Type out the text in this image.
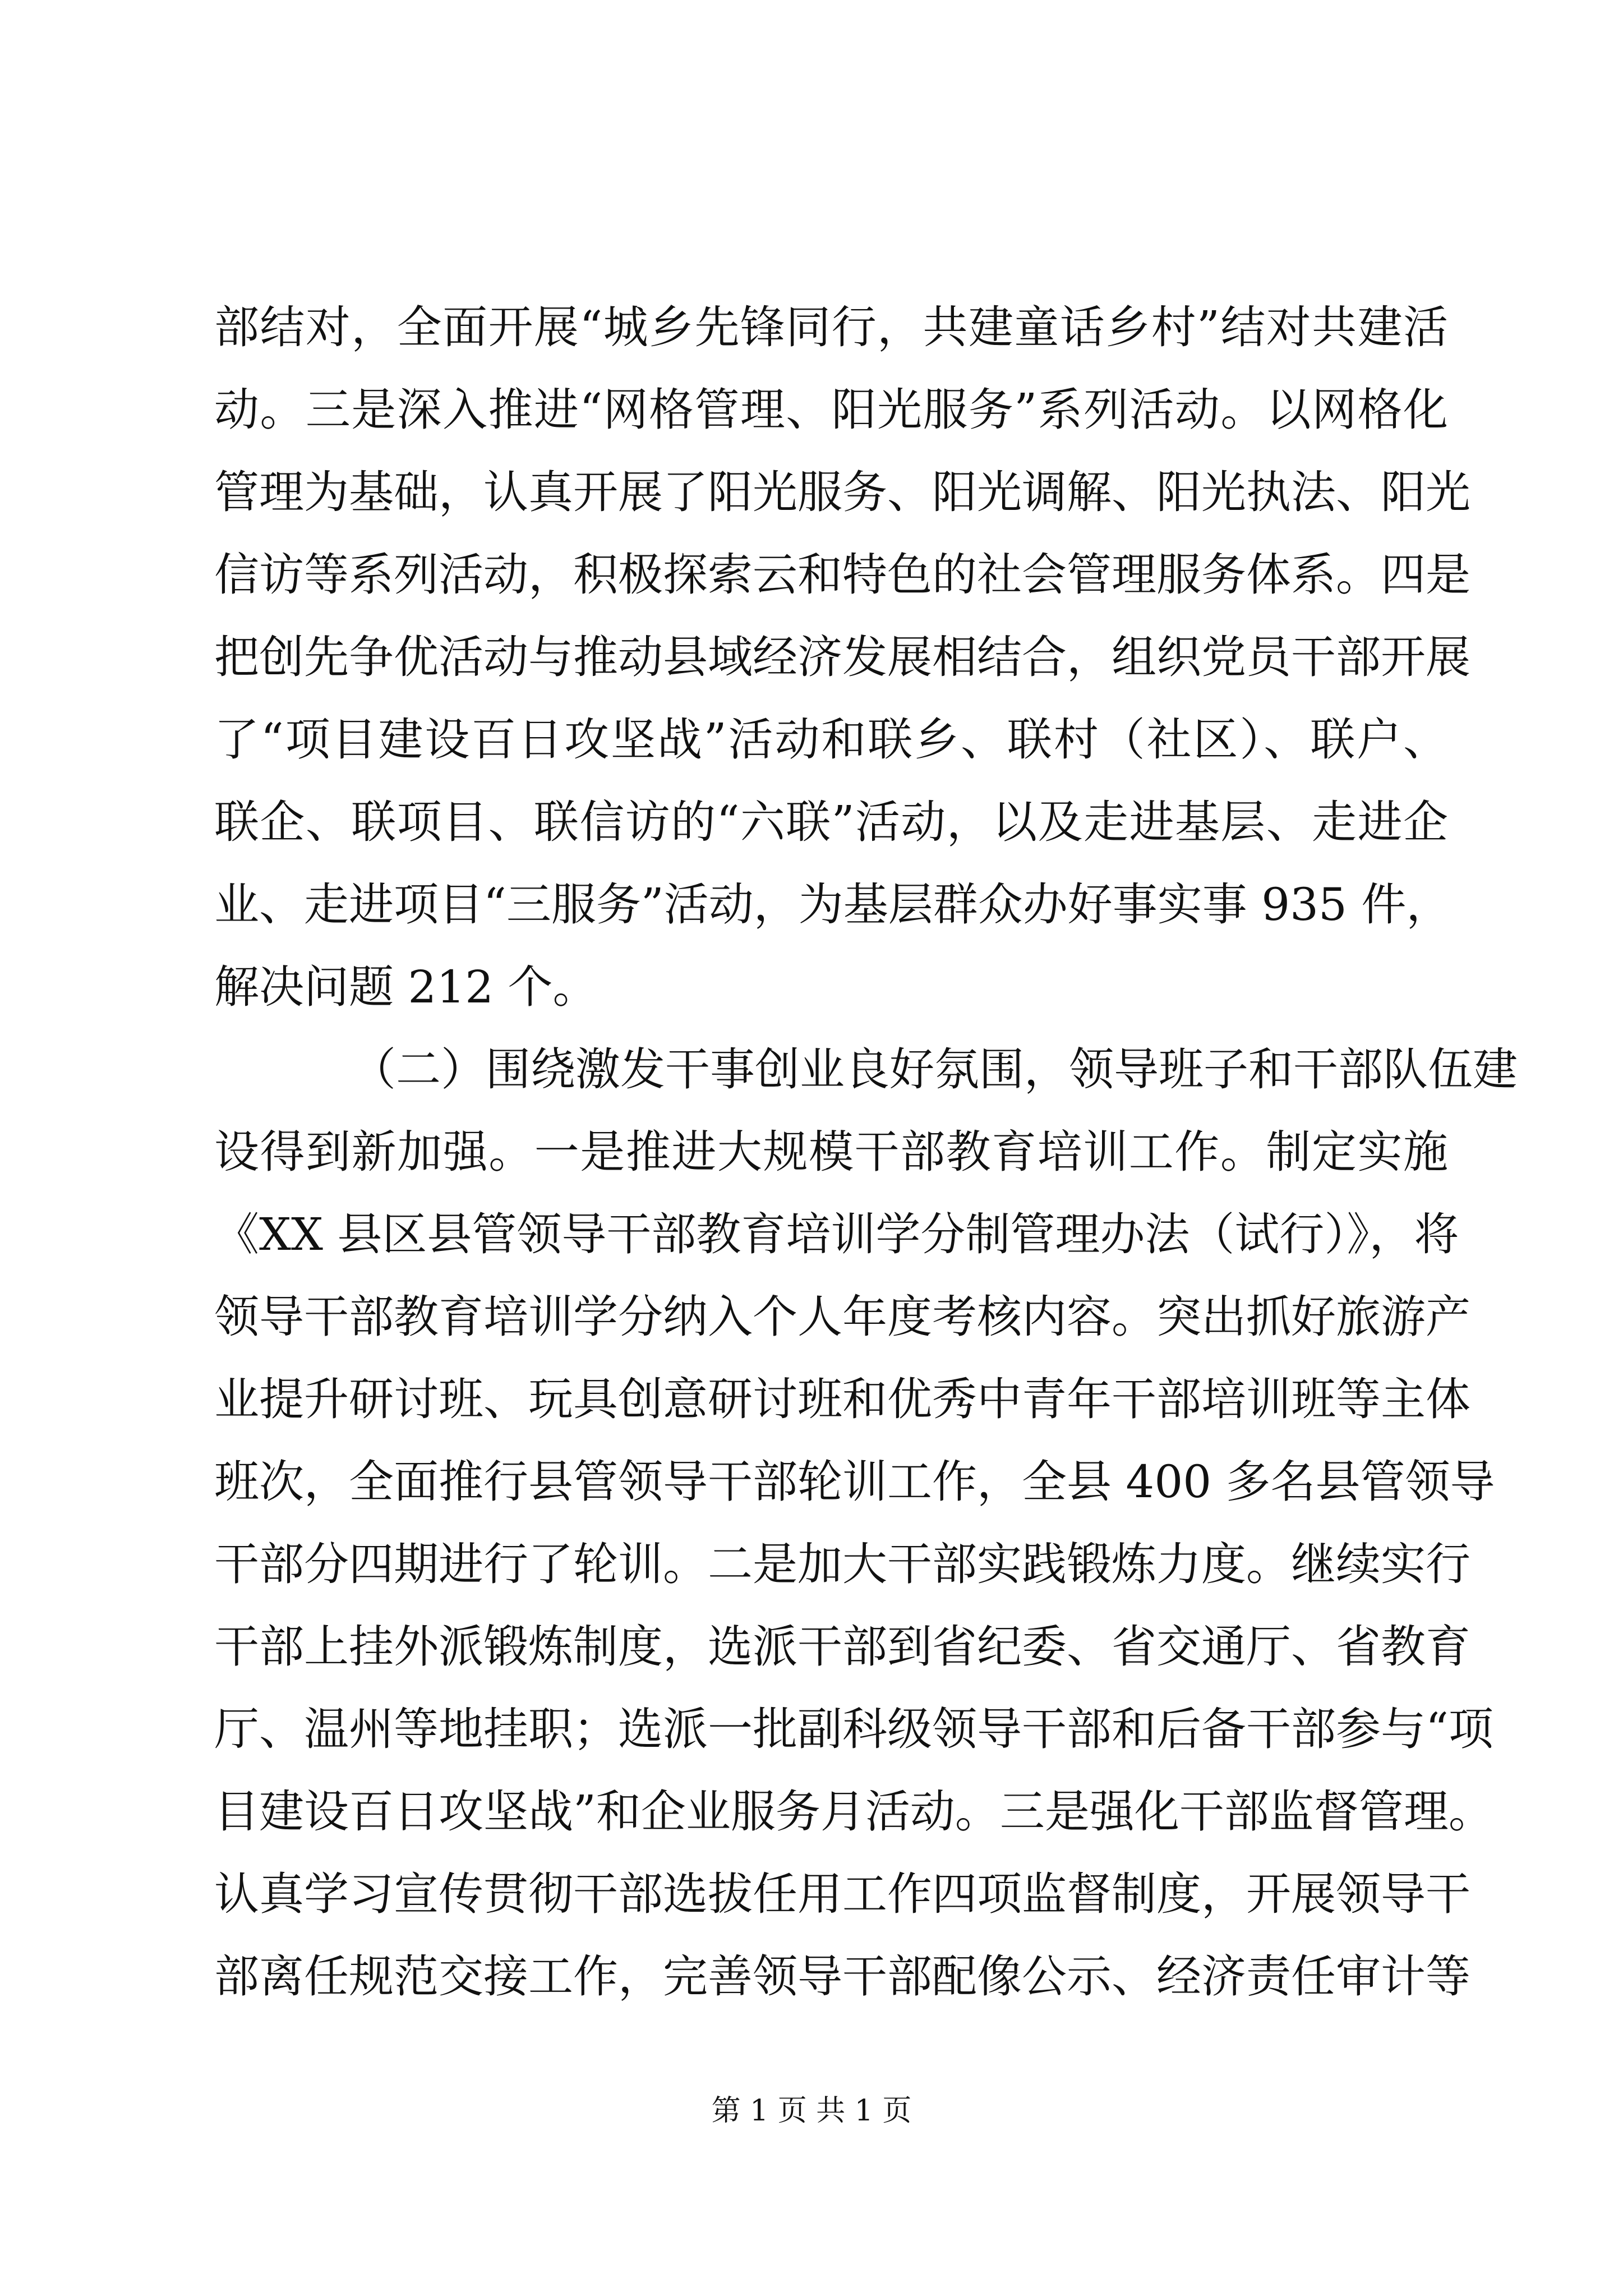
部结对，全面开展“城乡先锋同行，共建童话乡村”结对共建活
动。三是深入推进“网格管理、阳光服务”系列活动。以网格化
管理为基础，认真开展了阳光服务、阳光调解、阳光执法、阳光
信访等系列活动，积极探索云和特色的社会管理服务体系。四是
把创先争优活动与推动县域经济发展相结合，组织党员干部开展
了“项目建设百日攻坚战”活动和联乡、联村（社区）、联户、
联企、联项目、联信访的“六联”活动，以及走进基层、走进企
业、走进项目“三服务”活动，为基层群众办好事实事 935 件，
解决问题 212 个。
（二）围绕激发干事创业良好氛围，领导班子和干部队伍建
设得到新加强。一是推进大规模干部教育培训工作。制定实施
《XX 县区县管领导干部教育培训学分制管理办法（试行）》，将
领导干部教育培训学分纳入个人年度考核内容。突出抓好旅游产
业提升研讨班、玩具创意研讨班和优秀中青年干部培训班等主体
班次，全面推行县管领导干部轮训工作，全县 400 多名县管领导
干部分四期进行了轮训。二是加大干部实践锻炼力度。继续实行
干部上挂外派锻炼制度，选派干部到省纪委、省交通厅、省教育
厅、温州等地挂职；选派一批副科级领导干部和后备干部参与“项
目建设百日攻坚战”和企业服务月活动。三是强化干部监督管理。
认真学习宣传贯彻干部选拔任用工作四项监督制度，开展领导干
部离任规范交接工作，完善领导干部配像公示、经济责任审计等
第 1 页 共 1 页
